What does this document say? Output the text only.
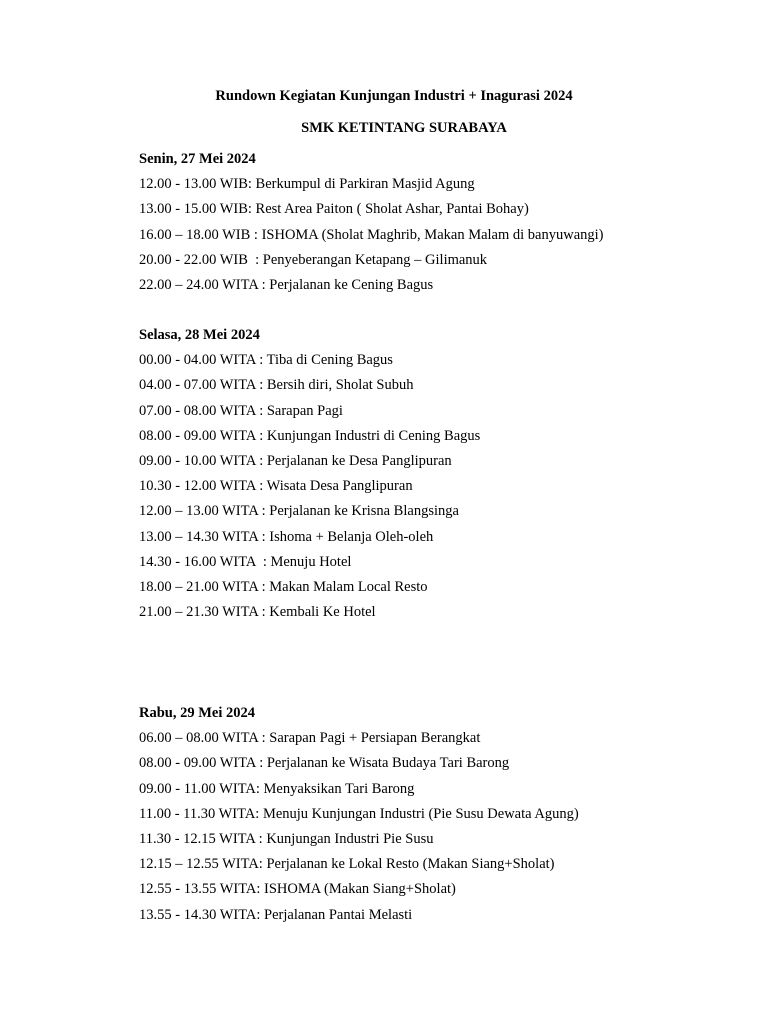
Rundown Kegiatan Kunjungan Industri + Inagurasi 2024
SMK KETINTANG SURABAYA
Senin, 27 Mei 2024
12.00 - 13.00 WIB: Berkumpul di Parkiran Masjid Agung
13.00 - 15.00 WIB: Rest Area Paiton ( Sholat Ashar, Pantai Bohay)
16.00 – 18.00 WIB : ISHOMA (Sholat Maghrib, Makan Malam di banyuwangi)
20.00 - 22.00 WIB  : Penyeberangan Ketapang – Gilimanuk
22.00 – 24.00 WITA : Perjalanan ke Cening Bagus
Selasa, 28 Mei 2024
00.00 - 04.00 WITA : Tiba di Cening Bagus
04.00 - 07.00 WITA : Bersih diri, Sholat Subuh
07.00 - 08.00 WITA : Sarapan Pagi
08.00 - 09.00 WITA : Kunjungan Industri di Cening Bagus
09.00 - 10.00 WITA : Perjalanan ke Desa Panglipuran
10.30 - 12.00 WITA : Wisata Desa Panglipuran
12.00 – 13.00 WITA : Perjalanan ke Krisna Blangsinga
13.00 – 14.30 WITA : Ishoma + Belanja Oleh-oleh
14.30 - 16.00 WITA  : Menuju Hotel
18.00 – 21.00 WITA : Makan Malam Local Resto
21.00 – 21.30 WITA : Kembali Ke Hotel
Rabu, 29 Mei 2024
06.00 – 08.00 WITA : Sarapan Pagi + Persiapan Berangkat
08.00 - 09.00 WITA : Perjalanan ke Wisata Budaya Tari Barong
09.00 - 11.00 WITA: Menyaksikan Tari Barong
11.00 - 11.30 WITA: Menuju Kunjungan Industri (Pie Susu Dewata Agung)
11.30 - 12.15 WITA : Kunjungan Industri Pie Susu
12.15 – 12.55 WITA: Perjalanan ke Lokal Resto (Makan Siang+Sholat)
12.55 - 13.55 WITA: ISHOMA (Makan Siang+Sholat)
13.55 - 14.30 WITA: Perjalanan Pantai Melasti
